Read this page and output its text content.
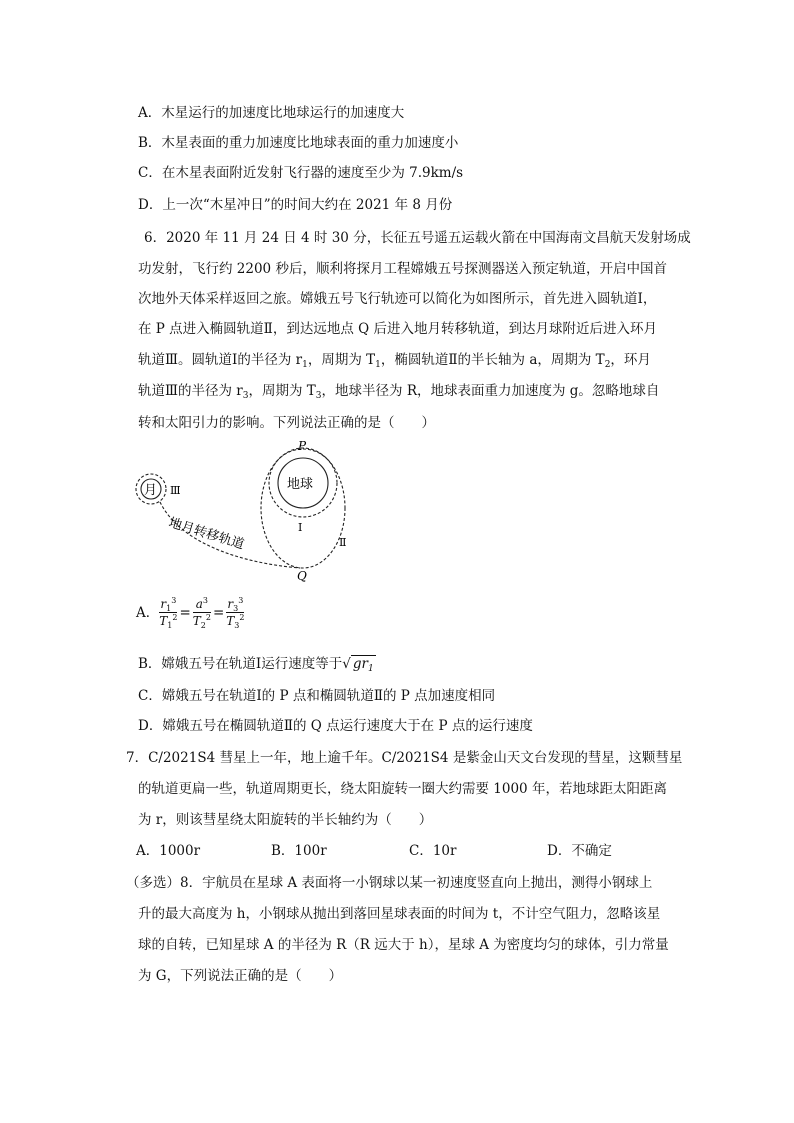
A．木星运行的加速度比地球运行的加速度大
B．木星表面的重力加速度比地球表面的重力加速度小
C．在木星表面附近发射飞行器的速度至少为 7.9km/s
D．上一次“木星冲日”的时间大约在 2021 年 8 月份
6．2020 年 11 月 24 日 4 时 30 分，长征五号遥五运载火箭在中国海南文昌航天发射场成
功发射，飞行约 2200 秒后，顺利将探月工程嫦娥五号探测器送入预定轨道，开启中国首
次地外天体采样返回之旅。嫦娥五号飞行轨迹可以简化为如图所示，首先进入圆轨道Ⅰ，
在 P 点进入椭圆轨道Ⅱ，到达远地点 Q 后进入地月转移轨道，到达月球附近后进入环月
轨道Ⅲ。圆轨道Ⅰ的半径为 $r_1$，周期为 $T_1$，椭圆轨道Ⅱ的半长轴为 a，周期为 $T_2$，环月
轨道Ⅲ的半径为 $r_3$，周期为 $T_3$，地球半径为 R，地球表面重力加速度为 g。忽略地球自
转和太阳引力的影响。下列说法正确的是（　　）
月 Ⅲ	地球
Ⅰ
Ⅱ
P
Q
地月转移轨道
A． $\frac{r_1^3}{T_1^2} = \frac{a^3}{T_2^2} = \frac{r_3^3}{T_3^2}$
B．嫦娥五号在轨道Ⅰ运行速度等于√ $gr_1$
C．嫦娥五号在轨道Ⅰ的 P 点和椭圆轨道Ⅱ的 P 点加速度相同
D．嫦娥五号在椭圆轨道Ⅱ的 Q 点运行速度大于在 P 点的运行速度
7．C/2021S4 彗星上一年，地上逾千年。C/2021S4 是紫金山天文台发现的彗星，这颗彗星
的轨道更扁一些，轨道周期更长，绕太阳旋转一圈大约需要 1000 年，若地球距太阳距离
为 r，则该彗星绕太阳旋转的半长轴约为（　　）
A．1000r	B．100r	C．10r	D．不确定
（多选）8．宇航员在星球 A 表面将一小钢球以某一初速度竖直向上抛出，测得小钢球上
升的最大高度为 h，小钢球从抛出到落回星球表面的时间为 t，不计空气阻力，忽略该星
球的自转，已知星球 A 的半径为 R（R 远大于 h），星球 A 为密度均匀的球体，引力常量
为 G，下列说法正确的是（　　）
